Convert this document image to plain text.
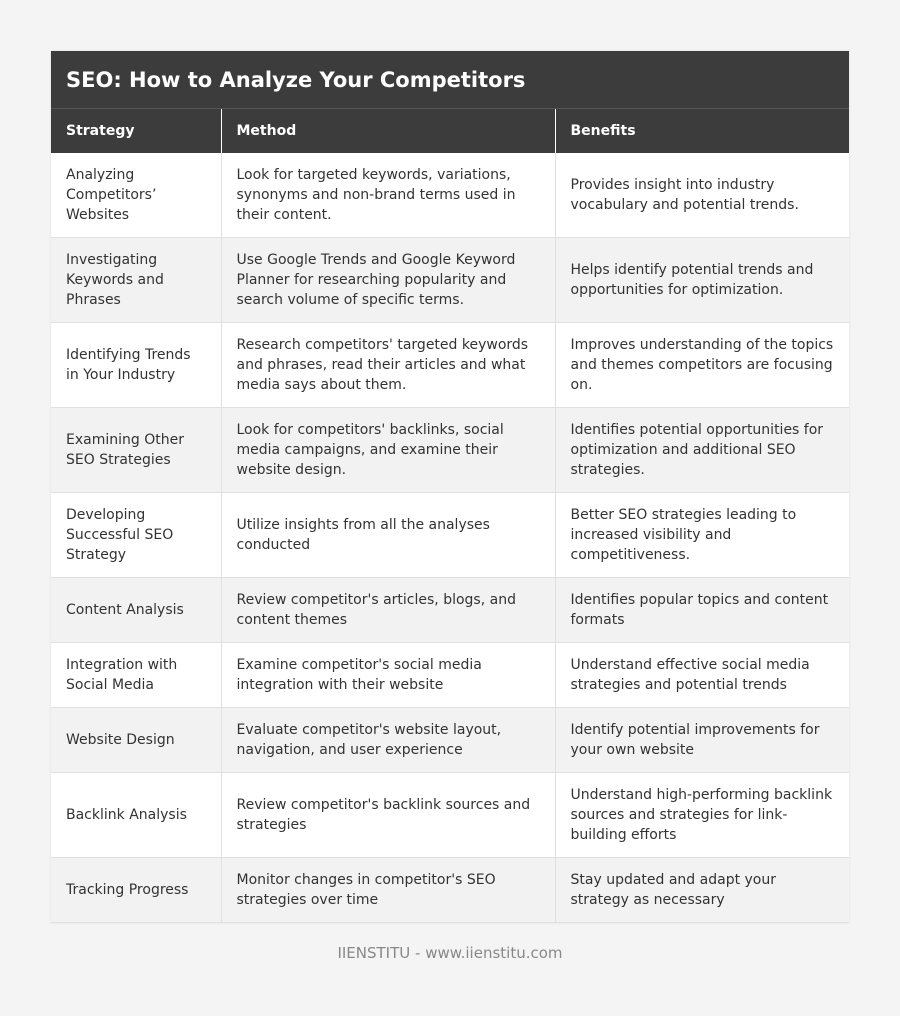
SEO: How to Analyze Your Competitors
Strategy	Method	Benefits
Analyzing Competitors’ Websites	Look for targeted keywords, variations, synonyms and non-brand terms used in their content.	Provides insight into industry vocabulary and potential trends.
Investigating Keywords and Phrases	Use Google Trends and Google Keyword Planner for researching popularity and search volume of specific terms.	Helps identify potential trends and opportunities for optimization.
Identifying Trends in Your Industry	Research competitors' targeted keywords and phrases, read their articles and what media says about them.	Improves understanding of the topics and themes competitors are focusing on.
Examining Other SEO Strategies	Look for competitors' backlinks, social media campaigns, and examine their website design.	Identifies potential opportunities for optimization and additional SEO strategies.
Developing Successful SEO Strategy	Utilize insights from all the analyses conducted	Better SEO strategies leading to increased visibility and competitiveness.
Content Analysis	Review competitor's articles, blogs, and content themes	Identifies popular topics and content formats
Integration with Social Media	Examine competitor's social media integration with their website	Understand effective social media strategies and potential trends
Website Design	Evaluate competitor's website layout, navigation, and user experience	Identify potential improvements for your own website
Backlink Analysis	Review competitor's backlink sources and strategies	Understand high-performing backlink sources and strategies for link-building efforts
Tracking Progress	Monitor changes in competitor's SEO strategies over time	Stay updated and adapt your strategy as necessary
IIENSTITU - www.iienstitu.com
